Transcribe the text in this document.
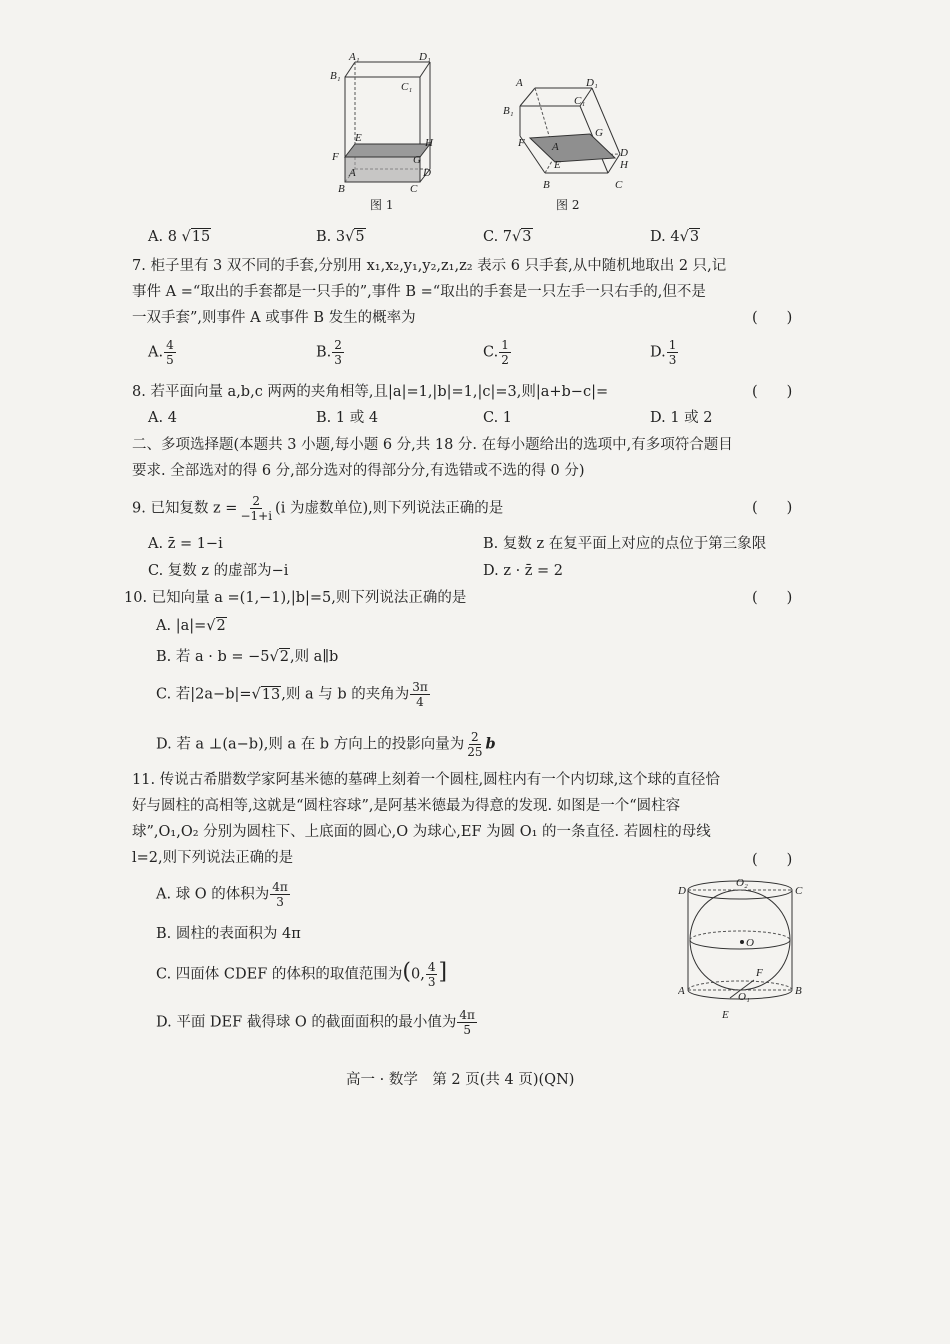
A₁	D₁
B₁
C₁
E	H
F	G
A	D
B	C
图 1
A	D₁
B₁
C₁
F
G
A	D
E	H
B	C
图 2
A. 8 √15	B. 3√5	C. 7√3	D. 4√3
7. 柜子里有 3 双不同的手套,分别用 x₁,x₂,y₁,y₂,z₁,z₂ 表示 6 只手套,从中随机地取出 2 只,记
事件 A =“取出的手套都是一只手的”,事件 B =“取出的手套是一只左手一只右手的,但不是
一双手套”,则事件 A 或事件 B 发生的概率为	(　　)
A. $\frac{4}{5}$	B. $\frac{2}{3}$	C. $\frac{1}{2}$	D. $\frac{1}{3}$
8. 若平面向量 a,b,c 两两的夹角相等,且|a|=1,|b|=1,|c|=3,则|a+b−c|=	(　　)
A. 4	B. 1 或 4	C. 1	D. 1 或 2
二、多项选择题(本题共 3 小题,每小题 6 分,共 18 分. 在每小题给出的选项中,有多项符合题目
要求. 全部选对的得 6 分,部分选对的得部分分,有选错或不选的得 0 分)
9. 已知复数 $z = \frac{2}{-1+i} (i$ 为虚数单位),则下列说法正确的是	(　　)
A. z̄ = 1−i	B. 复数 z 在复平面上对应的点位于第三象限
C. 复数 z 的虚部为−i	D. z · z̄ = 2
10. 已知向量 a =(1,−1),|b|=5,则下列说法正确的是	(　　)
A. |a|=√2
B. 若 a · b = −5√2,则 a∥b
C. 若|2a−b|=√13,则 a 与 b 的夹角为 $\frac{3\pi}{4}$
D. 若 a ⊥(a−b),则 a 在 b 方向上的投影向量为 $\frac{2}{25}$ b
11. 传说古希腊数学家阿基米德的墓碑上刻着一个圆柱,圆柱内有一个内切球,这个球的直径恰
好与圆柱的高相等,这就是“圆柱容球”,是阿基米德最为得意的发现. 如图是一个“圆柱容
球”,O₁,O₂ 分别为圆柱下、上底面的圆心,O 为球心,EF 为圆 O₁ 的一条直径. 若圆柱的母线
l=2,则下列说法正确的是	(　　)
A. 球 O 的体积为 $\frac{4\pi}{3}$
B. 圆柱的表面积为 4π
C. 四面体 CDEF 的体积的取值范围为(0, $\frac{4}{3}$ ]
D. 平面 DEF 截得球 O 的截面面积的最小值为 $\frac{4\pi}{5}$
D	C
O₂
O
F
A	B
O₁
E
高一 · 数学　第 2 页(共 4 页)(QN)
